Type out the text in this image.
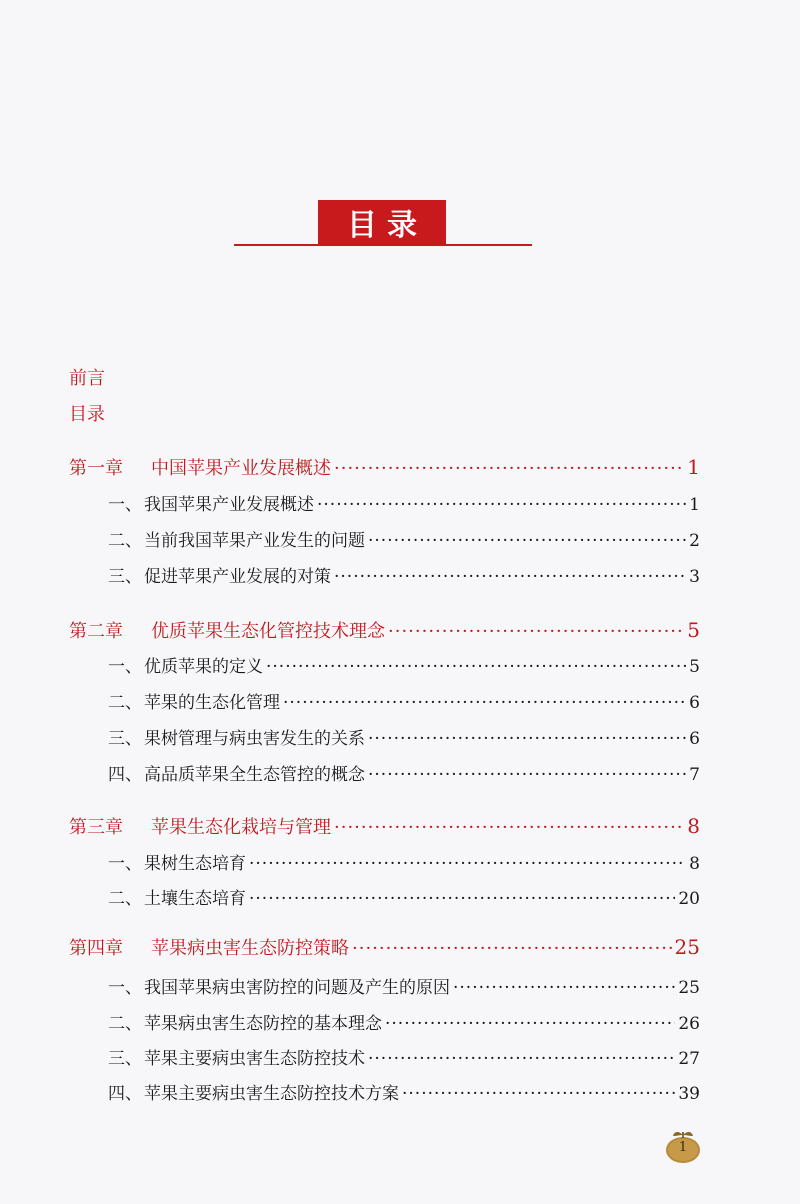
目录
前言
目录
第一章	中国苹果产业发展概述 ·····	1
一、 我国苹果产业发展概述 ·····	1
二、 当前我国苹果产业发生的问题 ·····	2
三、 促进苹果产业发展的对策 ·····	3
第二章	优质苹果生态化管控技术理念 ·····	5
一、 优质苹果的定义 ·····	5
二、 苹果的生态化管理 ·····	6
三、 果树管理与病虫害发生的关系 ·····	6
四、 高品质苹果全生态管控的概念 ·····	7
第三章	苹果生态化栽培与管理 ·····	8
一、 果树生态培育 ·····	8
二、 土壤生态培育 ·····	20
第四章	苹果病虫害生态防控策略 ·····	25
一、 我国苹果病虫害防控的问题及产生的原因 ·····	25
二、 苹果病虫害生态防控的基本理念 ·····	26
三、 苹果主要病虫害生态防控技术 ·····	27
四、 苹果主要病虫害生态防控技术方案 ·····	39
1
